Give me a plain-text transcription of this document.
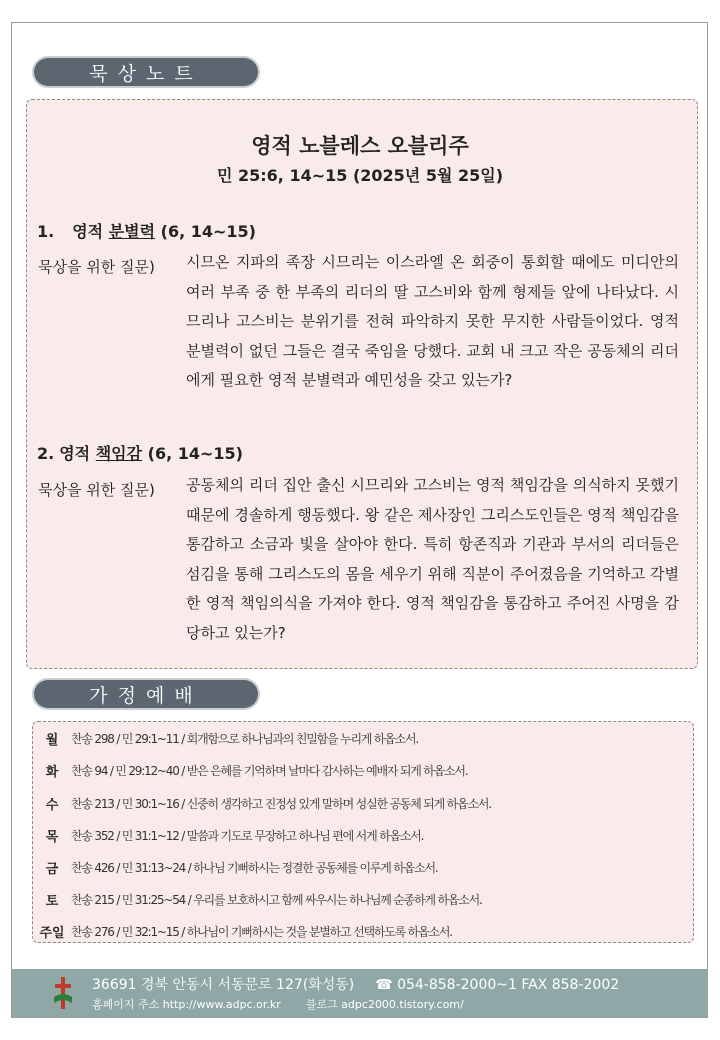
묵상노트
영적 노블레스 오블리주
민 25:6, 14~15 (2025년 5월 25일)
1. 영적 분별력 (6, 14~15)
묵상을 위한 질문) 시므온 지파의 족장 시므리는 이스라엘 온 회중이 통회할 때에도 미디안의 여러 부족 중 한 부족의 리더의 딸 고스비와 함께 형제들 앞에 나타났다. 시므리나 고스비는 분위기를 전혀 파악하지 못한 무지한 사람들이었다. 영적 분별력이 없던 그들은 결국 죽임을 당했다. 교회 내 크고 작은 공동체의 리더에게 필요한 영적 분별력과 예민성을 갖고 있는가?
2. 영적 책임감 (6, 14~15)
묵상을 위한 질문) 공동체의 리더 집안 출신 시므리와 고스비는 영적 책임감을 의식하지 못했기 때문에 경솔하게 행동했다. 왕 같은 제사장인 그리스도인들은 영적 책임감을 통감하고 소금과 빛을 살아야 한다. 특히 항존직과 기관과 부서의 리더들은 섬김을 통해 그리스도의 몸을 세우기 위해 직분이 주어졌음을 기억하고 각별한 영적 책임의식을 가져야 한다. 영적 책임감을 통감하고 주어진 사명을 감당하고 있는가?
가정예배
월	찬송 298 / 민 29:1~11 / 회개함으로 하나님과의 친밀함을 누리게 하옵소서.
화	찬송 94 / 민 29:12~40 / 받은 은혜를 기억하며 날마다 감사하는 예배자 되게 하옵소서.
수	찬송 213 / 민 30:1~16 / 신중히 생각하고 진정성 있게 말하며 성실한 공동체 되게 하옵소서.
목	찬송 352 / 민 31:1~12 / 말씀과 기도로 무장하고 하나님 편에 서게 하옵소서.
금	찬송 426 / 민 31:13~24 / 하나님 기뻐하시는 정결한 공동체를 이루게 하옵소서.
토	찬송 215 / 민 31:25~54 / 우리를 보호하시고 함께 싸우시는 하나님께 순종하게 하옵소서.
주일 찬송 276 / 민 32:1~15 / 하나님이 기뻐하시는 것을 분별하고 선택하도록 하옵소서.
36691 경북 안동시 서동문로 127(화성동) ☎ 054-858-2000~1 FAX 858-2002
홈페이지 주소 http://www.adpc.or.kr 블로그 adpc2000.tistory.com/
